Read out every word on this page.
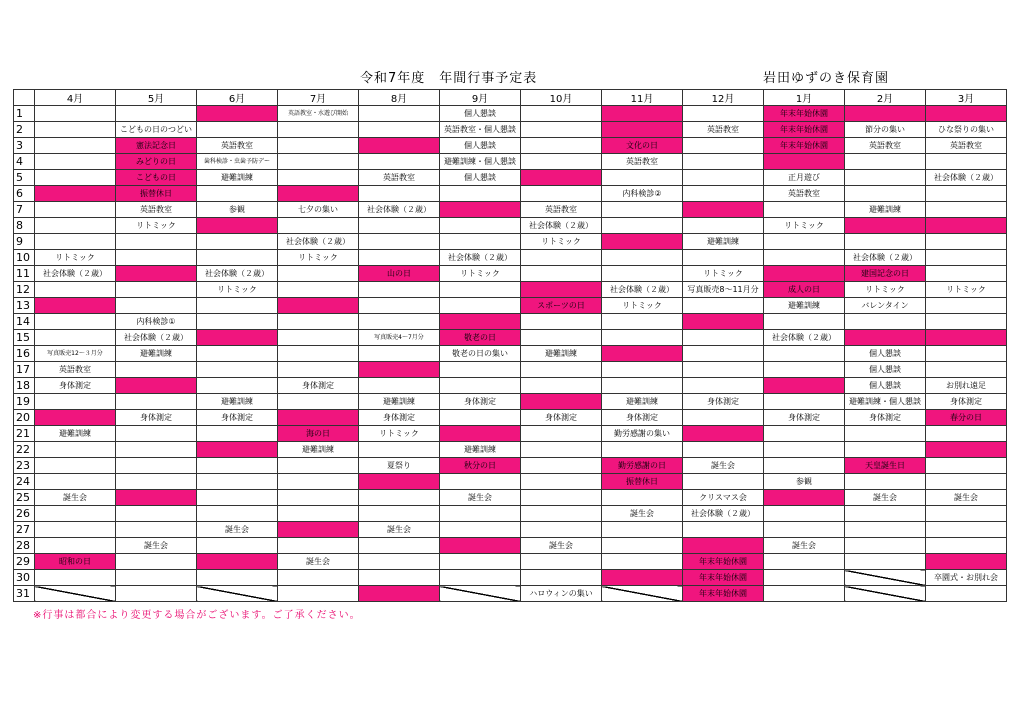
令和7年度　年間行事予定表	岩田ゆずのき保育園
	4月	5月	6月	7月	8月	9月	10月	11月	12月	1月	2月	3月
1				英語教室・水遊び開始		個人懇談				年末年始休園		
2		こどもの日のつどい				英語教室・個人懇談			英語教室	年末年始休園	節分の集い	ひな祭りの集い
3		憲法記念日	英語教室			個人懇談		文化の日		年末年始休園	英語教室	英語教室
4		みどりの日	歯科検診・虫歯予防デー			避難訓練・個人懇談		英語教室				
5		こどもの日	避難訓練		英語教室	個人懇談				正月遊び		社会体験（２歳）
6		振替休日						内科検診②		英語教室		
7		英語教室	参観	七夕の集い	社会体験（２歳）		英語教室				避難訓練	
8		リトミック					社会体験（２歳）			リトミック		
9				社会体験（２歳）			リトミック		避難訓練			
10	リトミック			リトミック		社会体験（２歳）					社会体験（２歳）	
11	社会体験（２歳）		社会体験（２歳）		山の日	リトミック			リトミック		建国記念の日	
12			リトミック					社会体験（２歳）	写真販売8～11月分	成人の日	リトミック	リトミック
13							スポーツの日	リトミック		避難訓練	バレンタイン	
14		内科検診①										
15		社会体験（２歳）			写真販売4～7月分	敬老の日				社会体験（２歳）		
16	写真販売12～３月分	避難訓練				敬老の日の集い	避難訓練				個人懇談	
17	英語教室										個人懇談	
18	身体測定			身体測定							個人懇談	お別れ遠足
19			避難訓練		避難訓練	身体測定		避難訓練	身体測定		避難訓練・個人懇談	身体測定
20		身体測定	身体測定		身体測定		身体測定	身体測定		身体測定	身体測定	春分の日
21	避難訓練			海の日	リトミック			勤労感謝の集い				
22				避難訓練		避難訓練						
23					夏祭り	秋分の日		勤労感謝の日	誕生会		天皇誕生日	
24								振替休日		参観		
25	誕生会					誕生会			クリスマス会		誕生会	誕生会
26								誕生会	社会体験（２歳）			
27			誕生会		誕生会							
28		誕生会					誕生会			誕生会		
29	昭和の日			誕生会					年末年始休園			
30									年末年始休園			卒園式・お別れ会
31							ハロウィンの集い		年末年始休園			
※行事は都合により変更する場合がございます。ご了承ください。
